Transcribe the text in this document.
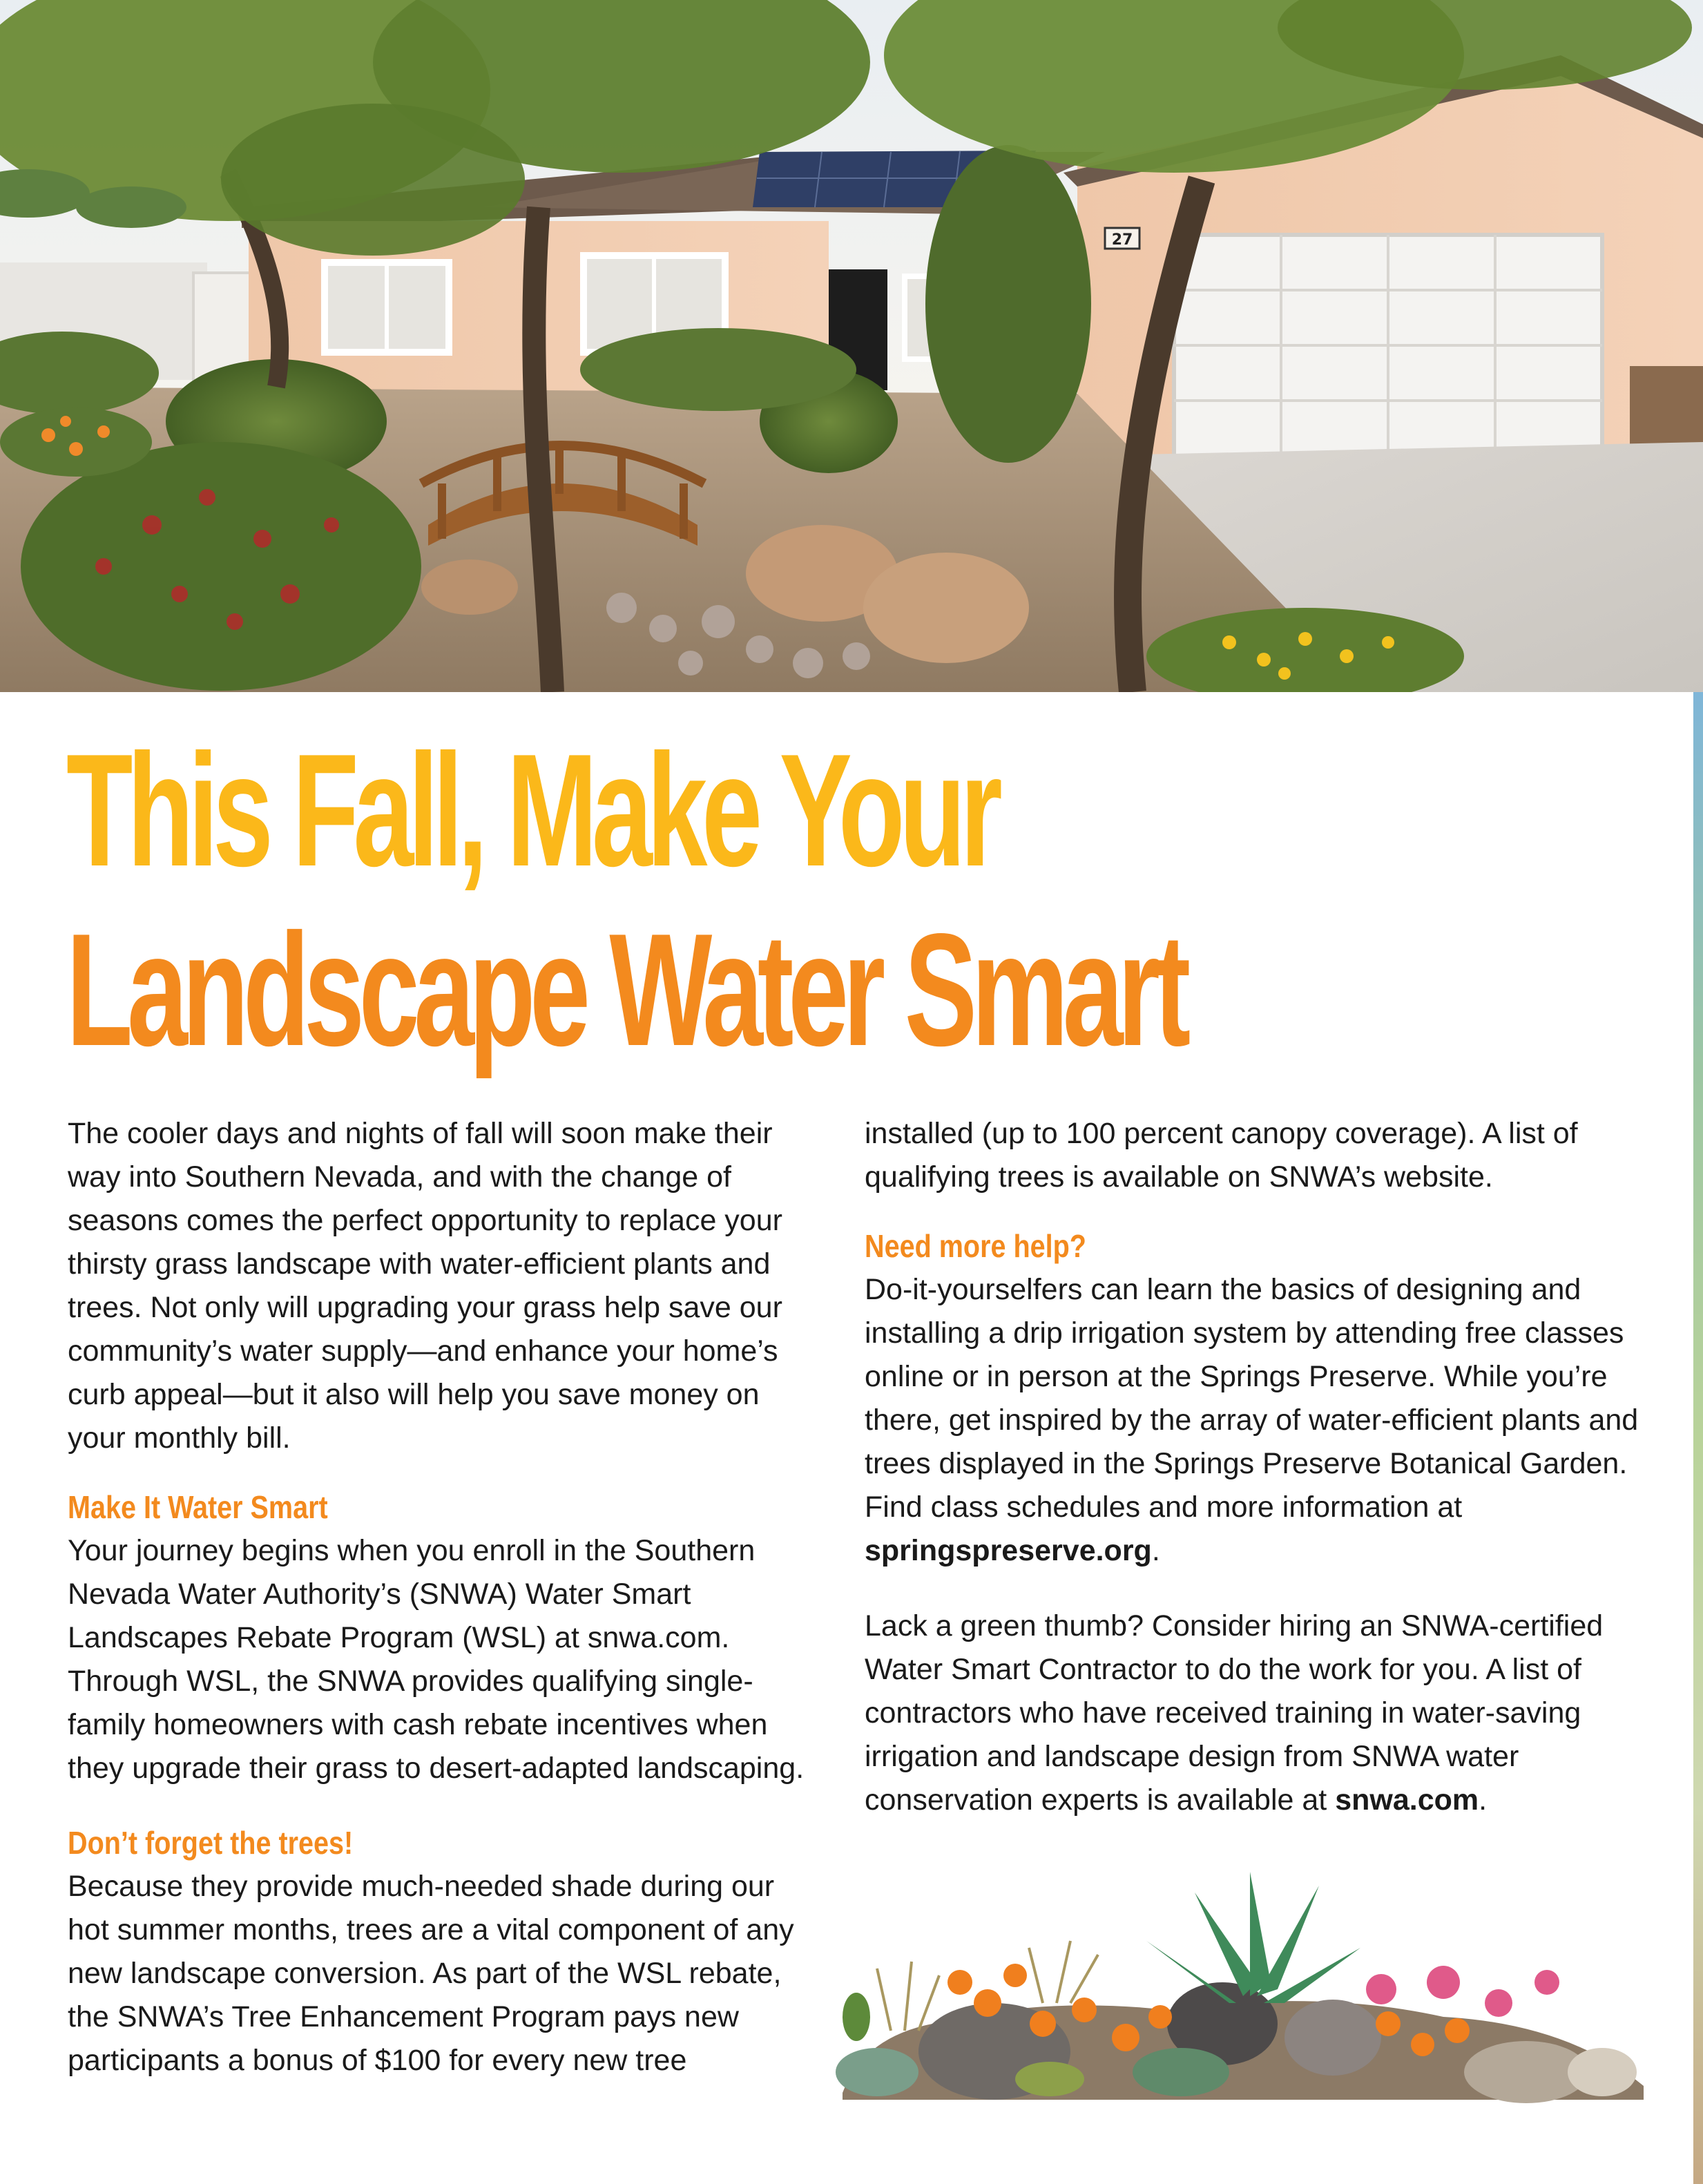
27
This Fall, Make Your
Landscape Water Smart

The cooler days and nights of fall will soon make their way into Southern Nevada, and with the change of seasons comes the perfect opportunity to replace your thirsty grass landscape with water-efficient plants and trees. Not only will upgrading your grass help save our community’s water supply—and enhance your home’s curb appeal—but it also will help you save money on your monthly bill.

Make It Water Smart

Your journey begins when you enroll in the Southern Nevada Water Authority’s (SNWA) Water Smart Landscapes Rebate Program (WSL) at snwa.com. Through WSL, the SNWA provides qualifying single-family homeowners with cash rebate incentives when they upgrade their grass to desert-adapted landscaping.

Don’t forget the trees!

Because they provide much-needed shade during our hot summer months, trees are a vital component of any new landscape conversion. As part of the WSL rebate, the SNWA’s Tree Enhancement Program pays new participants a bonus of $100 for every new tree

installed (up to 100 percent canopy coverage). A list of qualifying trees is available on SNWA’s website.

Need more help?

Do-it-yourselfers can learn the basics of designing and installing a drip irrigation system by attending free classes online or in person at the Springs Preserve. While you’re there, get inspired by the array of water-efficient plants and trees displayed in the Springs Preserve Botanical Garden. Find class schedules and more information at springspreserve.org.

Lack a green thumb? Consider hiring an SNWA-certified Water Smart Contractor to do the work for you. A list of contractors who have received training in water-saving irrigation and landscape design from SNWA water conservation experts is available at snwa.com.
